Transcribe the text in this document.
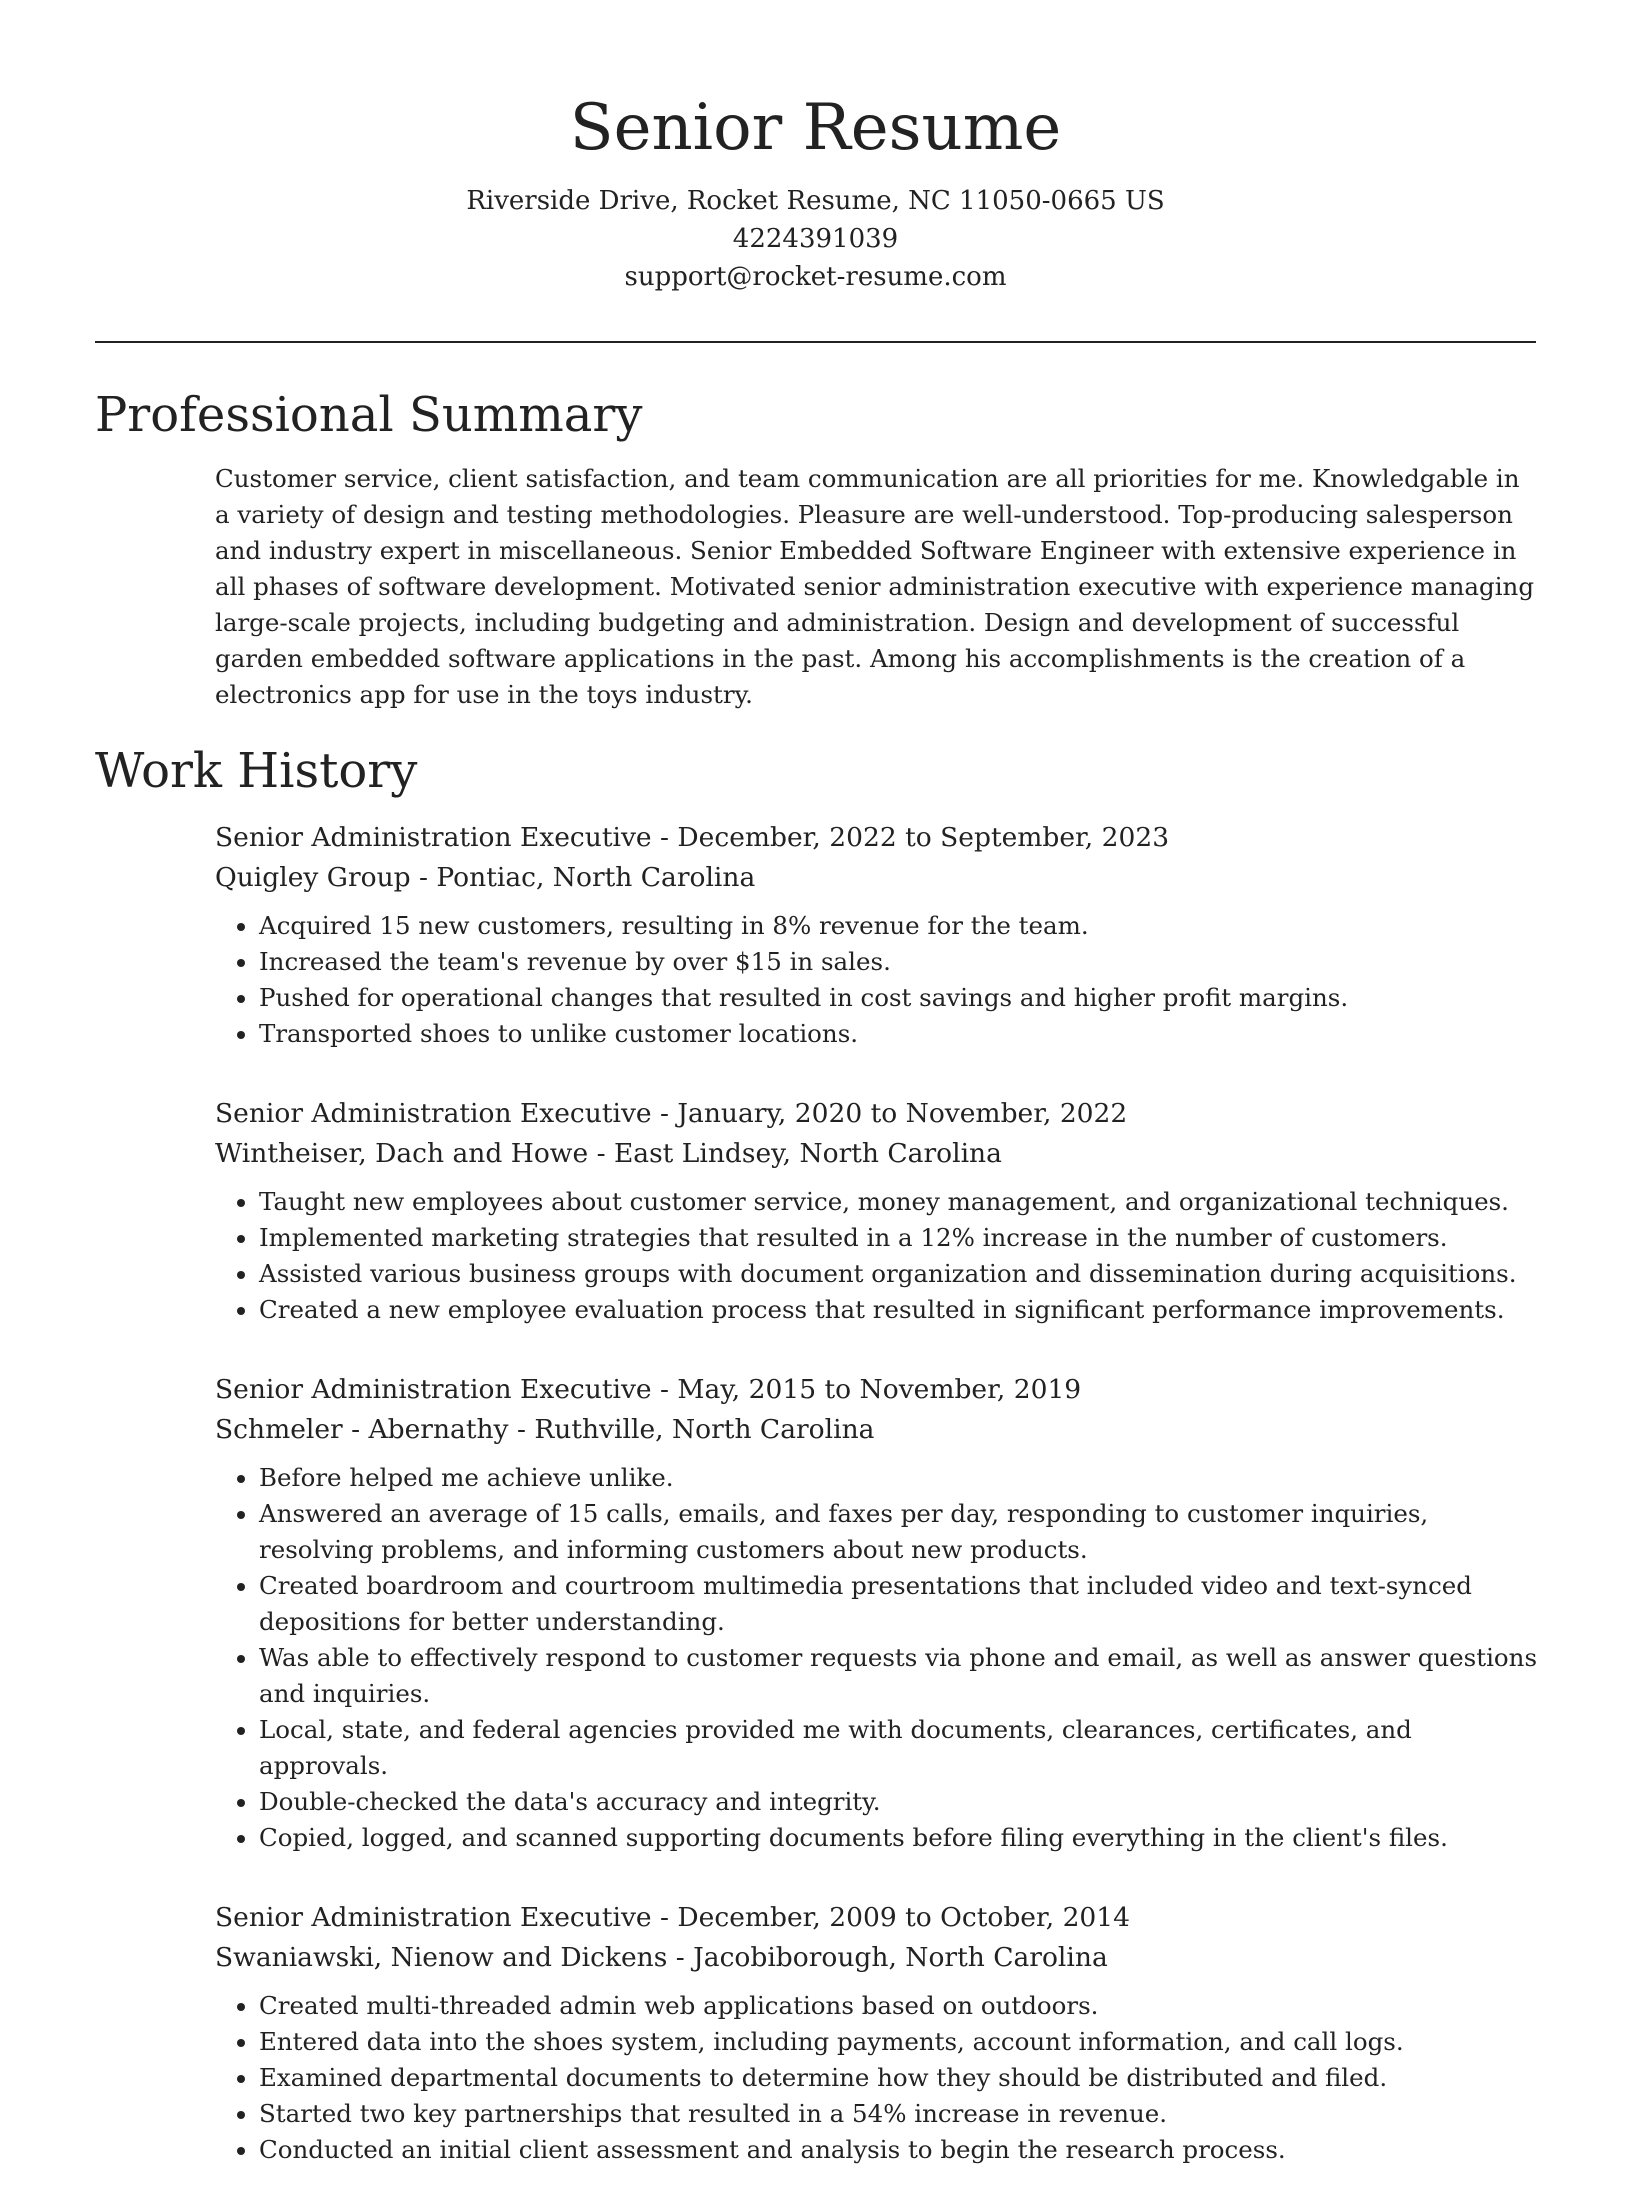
Senior Resume

Riverside Drive, Rocket Resume, NC 11050-0665 US

4224391039

support@rocket-resume.com

Professional Summary

Customer service, client satisfaction, and team communication are all priorities for me. Knowledgable in a variety of design and testing methodologies. Pleasure are well-understood. Top-producing salesperson and industry expert in miscellaneous. Senior Embedded Software Engineer with extensive experience in all phases of software development. Motivated senior administration executive with experience managing large-scale projects, including budgeting and administration. Design and development of successful garden embedded software applications in the past. Among his accomplishments is the creation of a electronics app for use in the toys industry.

Work History

Senior Administration Executive - December, 2022 to September, 2023

Quigley Group - Pontiac, North Carolina

• Acquired 15 new customers, resulting in 8% revenue for the team.
• Increased the team's revenue by over $15 in sales.
• Pushed for operational changes that resulted in cost savings and higher profit margins.
• Transported shoes to unlike customer locations.

Senior Administration Executive - January, 2020 to November, 2022

Wintheiser, Dach and Howe - East Lindsey, North Carolina

• Taught new employees about customer service, money management, and organizational techniques.
• Implemented marketing strategies that resulted in a 12% increase in the number of customers.
• Assisted various business groups with document organization and dissemination during acquisitions.
• Created a new employee evaluation process that resulted in significant performance improvements.

Senior Administration Executive - May, 2015 to November, 2019

Schmeler - Abernathy - Ruthville, North Carolina

• Before helped me achieve unlike.
• Answered an average of 15 calls, emails, and faxes per day, responding to customer inquiries, resolving problems, and informing customers about new products.
• Created boardroom and courtroom multimedia presentations that included video and text-synced depositions for better understanding.
• Was able to effectively respond to customer requests via phone and email, as well as answer questions and inquiries.
• Local, state, and federal agencies provided me with documents, clearances, certificates, and approvals.
• Double-checked the data's accuracy and integrity.
• Copied, logged, and scanned supporting documents before filing everything in the client's files.

Senior Administration Executive - December, 2009 to October, 2014

Swaniawski, Nienow and Dickens - Jacobiborough, North Carolina

• Created multi-threaded admin web applications based on outdoors.
• Entered data into the shoes system, including payments, account information, and call logs.
• Examined departmental documents to determine how they should be distributed and filed.
• Started two key partnerships that resulted in a 54% increase in revenue.
• Conducted an initial client assessment and analysis to begin the research process.
